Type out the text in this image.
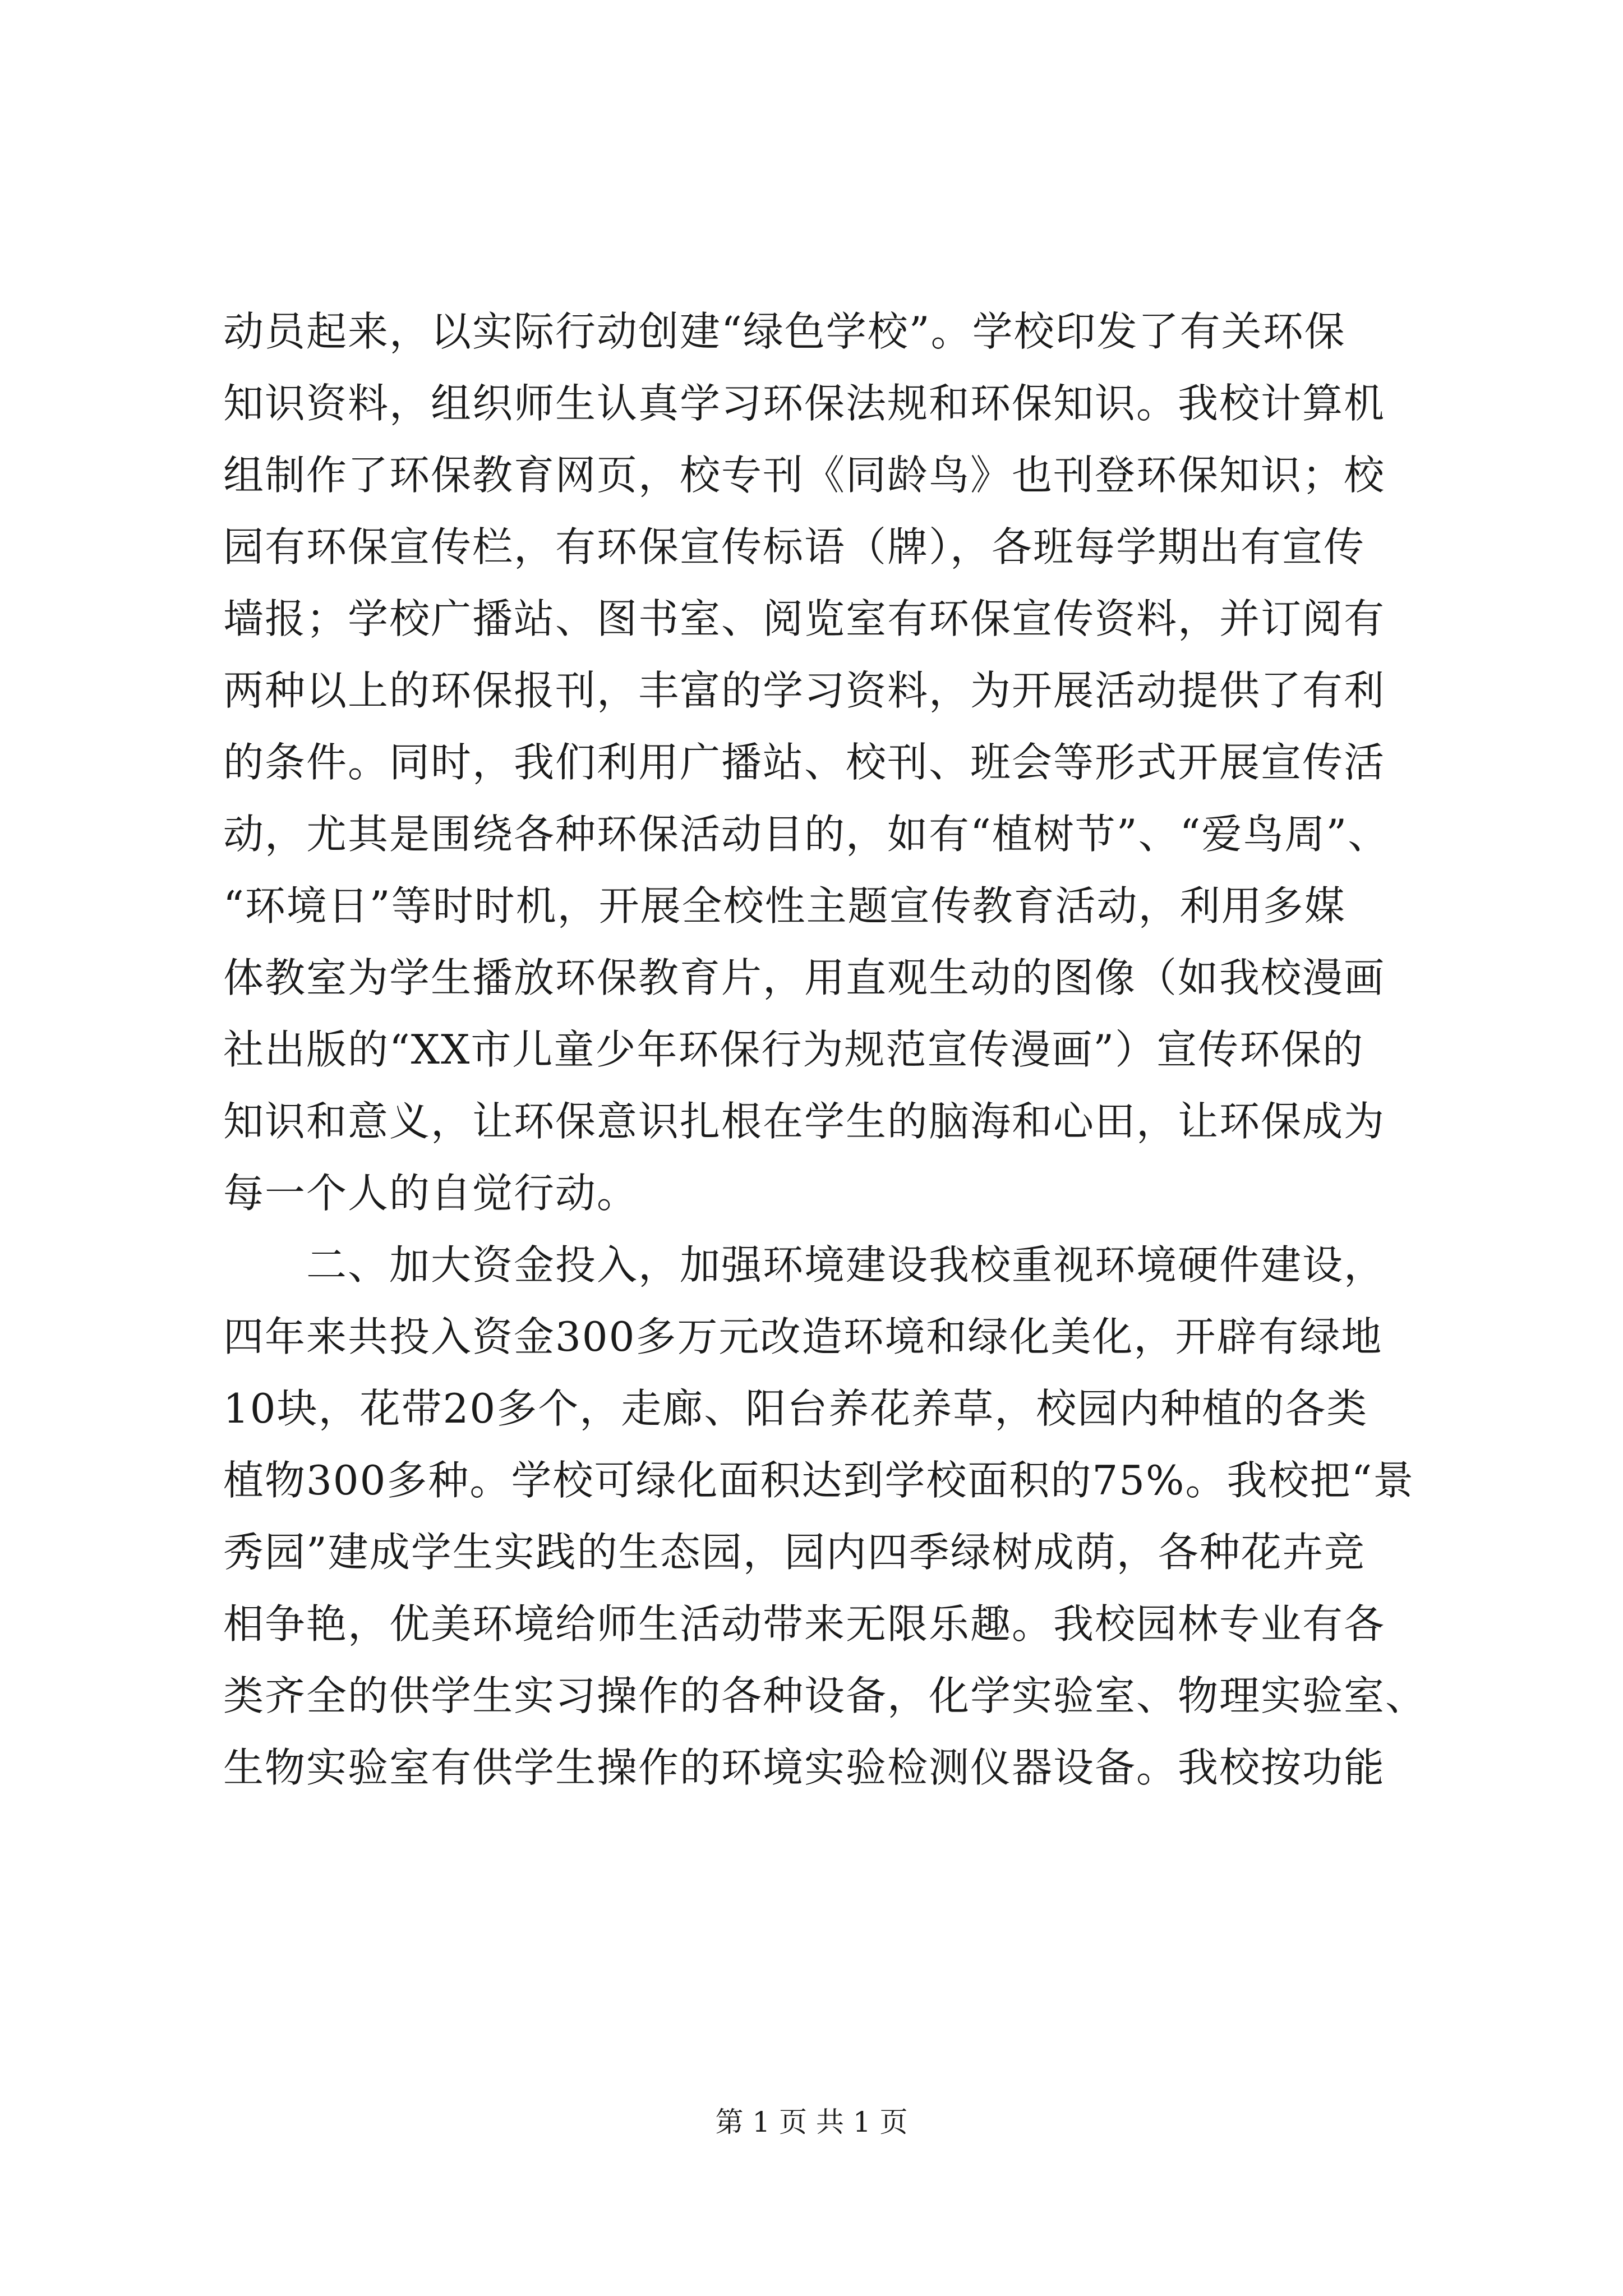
动员起来，以实际行动创建“绿色学校”。学校印发了有关环保
知识资料，组织师生认真学习环保法规和环保知识。我校计算机
组制作了环保教育网页，校专刊《同龄鸟》也刊登环保知识；校
园有环保宣传栏，有环保宣传标语（牌），各班每学期出有宣传
墙报；学校广播站、图书室、阅览室有环保宣传资料，并订阅有
两种以上的环保报刊，丰富的学习资料，为开展活动提供了有利
的条件。同时，我们利用广播站、校刊、班会等形式开展宣传活
动，尤其是围绕各种环保活动目的，如有“植树节”、“爱鸟周”、
“环境日”等时时机，开展全校性主题宣传教育活动，利用多媒
体教室为学生播放环保教育片，用直观生动的图像（如我校漫画
社出版的“XX市儿童少年环保行为规范宣传漫画”）宣传环保的
知识和意义，让环保意识扎根在学生的脑海和心田，让环保成为
每一个人的自觉行动。
　　二、加大资金投入，加强环境建设我校重视环境硬件建设，
四年来共投入资金300多万元改造环境和绿化美化，开辟有绿地
10块，花带20多个，走廊、阳台养花养草，校园内种植的各类
植物300多种。学校可绿化面积达到学校面积的75%。我校把“景
秀园”建成学生实践的生态园，园内四季绿树成荫，各种花卉竞
相争艳，优美环境给师生活动带来无限乐趣。我校园林专业有各
类齐全的供学生实习操作的各种设备，化学实验室、物理实验室、
生物实验室有供学生操作的环境实验检测仪器设备。我校按功能
第 1 页 共 1 页
